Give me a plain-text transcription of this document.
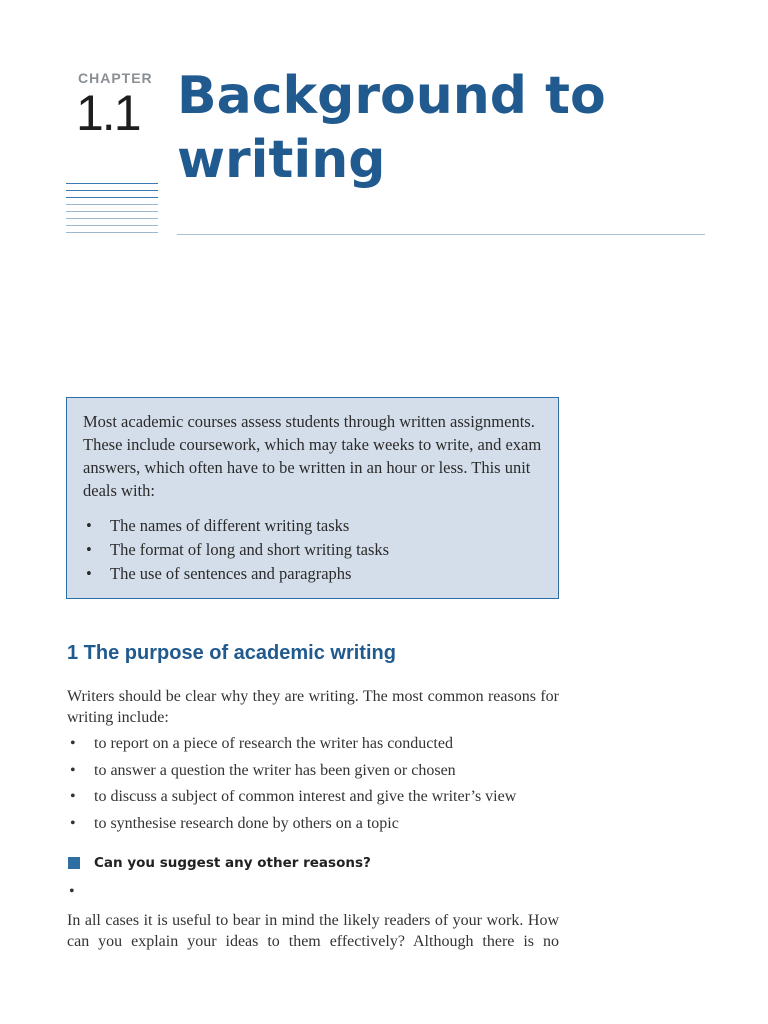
CHAPTER
1.1 Background to writing

Most academic courses assess students through written assignments. These include coursework, which may take weeks to write, and exam answers, which often have to be written in an hour or less. This unit deals with:

• The names of different writing tasks
• The format of long and short writing tasks
• The use of sentences and paragraphs
1 The purpose of academic writing

Writers should be clear why they are writing. The most common reasons for writing include:

• to report on a piece of research the writer has conducted
• to answer a question the writer has been given or chosen
• to discuss a subject of common interest and give the writer’s view
• to synthesise research done by others on a topic
Can you suggest any other reasons?
•

In all cases it is useful to bear in mind the likely readers of your work. How can you explain your ideas to them effectively? Although there is no
